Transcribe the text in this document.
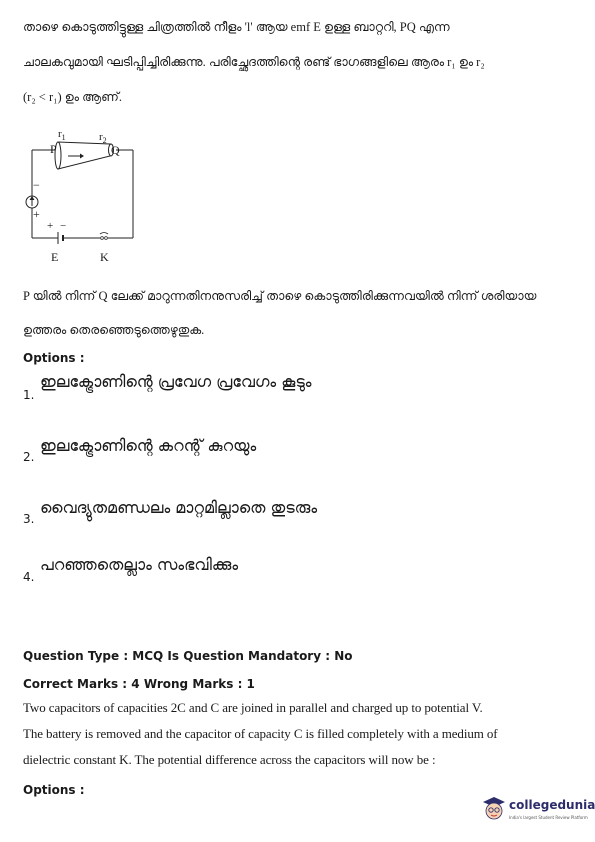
താഴെ കൊടുത്തിട്ടുള്ള ചിത്രത്തിൽ നീളം 'l' ആയ emf E ഉള്ള ബാറ്ററി, PQ എന്ന
ചാലകവുമായി ഘടിപ്പിച്ചിരിക്കുന്നു. പരിച്ഛേദത്തിന്റെ രണ്ട് ഭാഗങ്ങളിലെ ആരം r₁ ഉം r₂
(r₂ < r₁) ഉം ആണ്.
$r_1$	$r_2$
P	Q
−
+
+ −
E	K
P യിൽ നിന്ന് Q ലേക്ക് മാറുന്നതിനനുസരിച്ച് താഴെ കൊടുത്തിരിക്കുന്നവയിൽ നിന്ന് ശരിയായ
ഉത്തരം തെരഞ്ഞെടുത്തെഴുതുക.
Options :
1.
ഇലക്ട്രോണിന്റെ പ്രവേഗ പ്രവേഗം കൂടും
2.
ഇലക്ട്രോണിന്റെ കറന്റ് കുറയും
3.
വൈദ്യുതമണ്ഡലം മാറ്റമില്ലാതെ തുടരും
4.
പറഞ്ഞതെല്ലാം സംഭവിക്കും
Question Type : MCQ Is Question Mandatory : No
Correct Marks : 4 Wrong Marks : 1
Two capacitors of capacities 2C and C are joined in parallel and charged up to potential V.
The battery is removed and the capacitor of capacity C is filled completely with a medium of
dielectric constant K. The potential difference across the capacitors will now be :
Options :
collegedunia
India's largest Student Review Platform
